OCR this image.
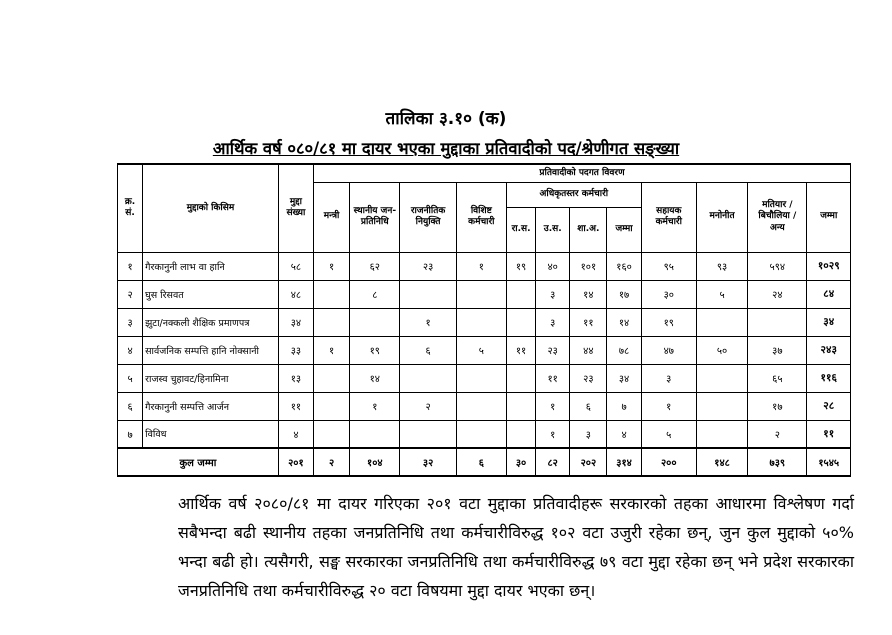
तालिका ३.१० (क)
आर्थिक वर्ष ०८०/८१ मा दायर भएका मुद्दाका प्रतिवादीको पद/श्रेणीगत सङ्ख्या
क्र. सं.	मुद्दाको किसिम	मुद्दा संख्या	प्रतिवादीको पदगत विवरण											
			मन्त्री	स्थानीय जन-प्रतिनिधि	राजनीतिक नियुक्ति	विशिष्ट कर्मचारी	अधिकृतस्तर कर्मचारी				सहायक कर्मचारी	मनोनीत	मतियार / बिचौलिया / अन्य	जम्मा
							रा.स.	उ.स.	शा.अ.	जम्मा				
१	गैरकानुनी लाभ वा हानि	५८	१	६२	२३	१	१९	४०	१०१	१६०	९५	९३	५९४	१०२९
२	घुस रिसवत	४८		८				३	१४	१७	३०	५	२४	८४
३	झुटा/नक्कली शैक्षिक प्रमाणपत्र	३४			१			३	११	१४	१९			३४
४	सार्वजनिक सम्पत्ति हानि नोक्सानी	३३	१	१९	६	५	११	२३	४४	७८	४७	५०	३७	२४३
५	राजस्व चुहावट/हिनामिना	१३		१४				११	२३	३४	३		६५	११६
६	गैरकानुनी सम्पत्ति आर्जन	११		१	२			१	६	७	१		१७	२८
७	विविध	४						१	३	४	५		२	११
कुल जम्मा		२०१	२	१०४	३२	६	३०	८२	२०२	३१४	२००	१४८	७३९	१५४५
आर्थिक वर्ष २०८०/८१ मा दायर गरिएका २०१ वटा मुद्दाका प्रतिवादीहरू सरकारको तहका आधारमा विश्लेषण गर्दा सबैभन्दा बढी स्थानीय तहका जनप्रतिनिधि तथा कर्मचारीविरुद्ध १०२ वटा उजुरी रहेका छन्, जुन कुल मुद्दाको ५०% भन्दा बढी हो। त्यसैगरी, सङ्घ सरकारका जनप्रतिनिधि तथा कर्मचारीविरुद्ध ७९ वटा मुद्दा रहेका छन् भने प्रदेश सरकारका जनप्रतिनिधि तथा कर्मचारीविरुद्ध २० वटा विषयमा मुद्दा दायर भएका छन्।
